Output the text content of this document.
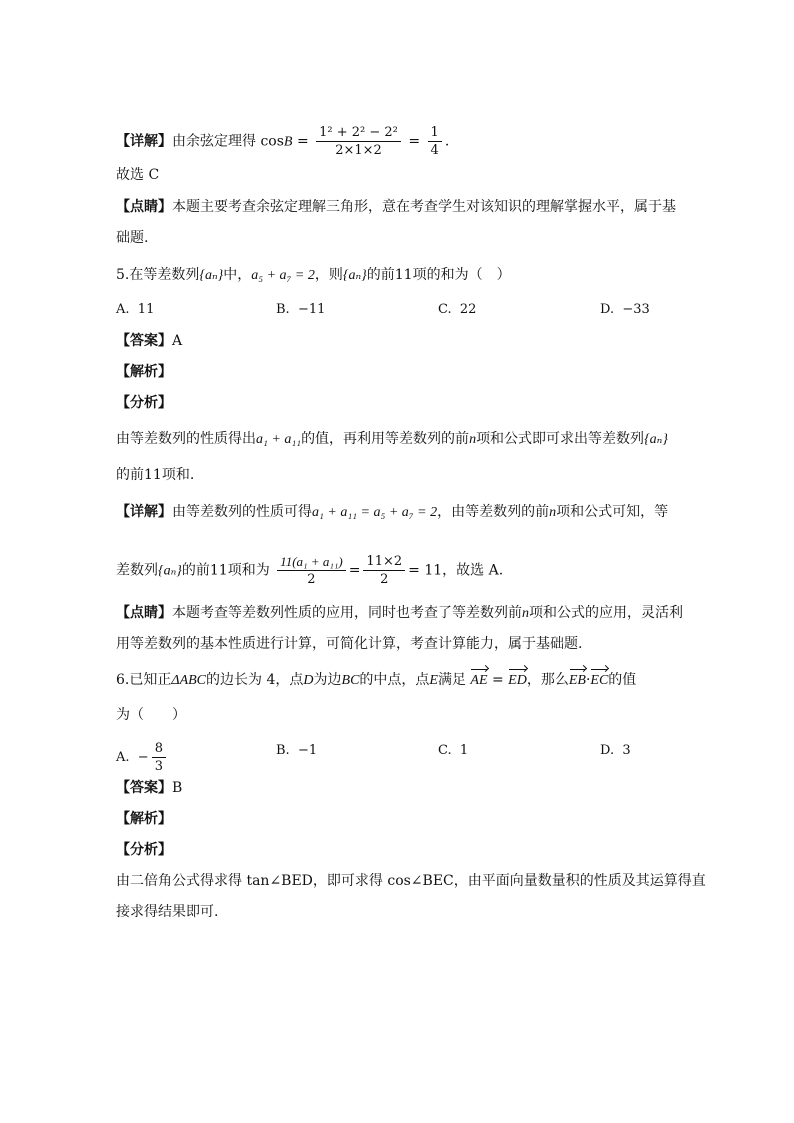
【详解】由余弦定理得 $\cos B = \frac{\text{1² + 2² − 2²}}{2\times 1\times 2} = \frac{1}{4}$ .
故选 C
【点睛】本题主要考查余弦定理解三角形，意在考查学生对该知识的理解掌握水平，属于基
础题.
5.在等差数列{aₙ}中，a₅ + a₇ = 2，则{aₙ}的前11项的和为（　）
A. 11	B. −11	C. 22	D. −33
【答案】A
【解析】
【分析】
由等差数列的性质得出a₁ + a₁₁的值，再利用等差数列的前n项和公式即可求出等差数列{aₙ}
的前11项和.
【详解】由等差数列的性质可得a₁ + a₁₁ = a₅ + a₇ = 2，由等差数列的前n项和公式可知，等
差数列{aₙ}的前11项和为 $\frac{\text{11(a₁ + a₁₁)}}{2} = \frac{11\times 2}{2} = 11$，故选 A.
【点睛】本题考查等差数列性质的应用，同时也考查了等差数列前n项和公式的应用，灵活利
用等差数列的基本性质进行计算，可简化计算，考查计算能力，属于基础题.
6.已知正ΔABC的边长为 4，点D为边BC的中点，点E满足 AE = ED，那么EB·EC的值
为（　　）
A. − $\frac{8}{3}$	B. −1	C. 1	D. 3
【答案】B
【解析】
【分析】
由二倍角公式得求得 tan∠BED，即可求得 cos∠BEC，由平面向量数量积的性质及其运算得直
接求得结果即可.
